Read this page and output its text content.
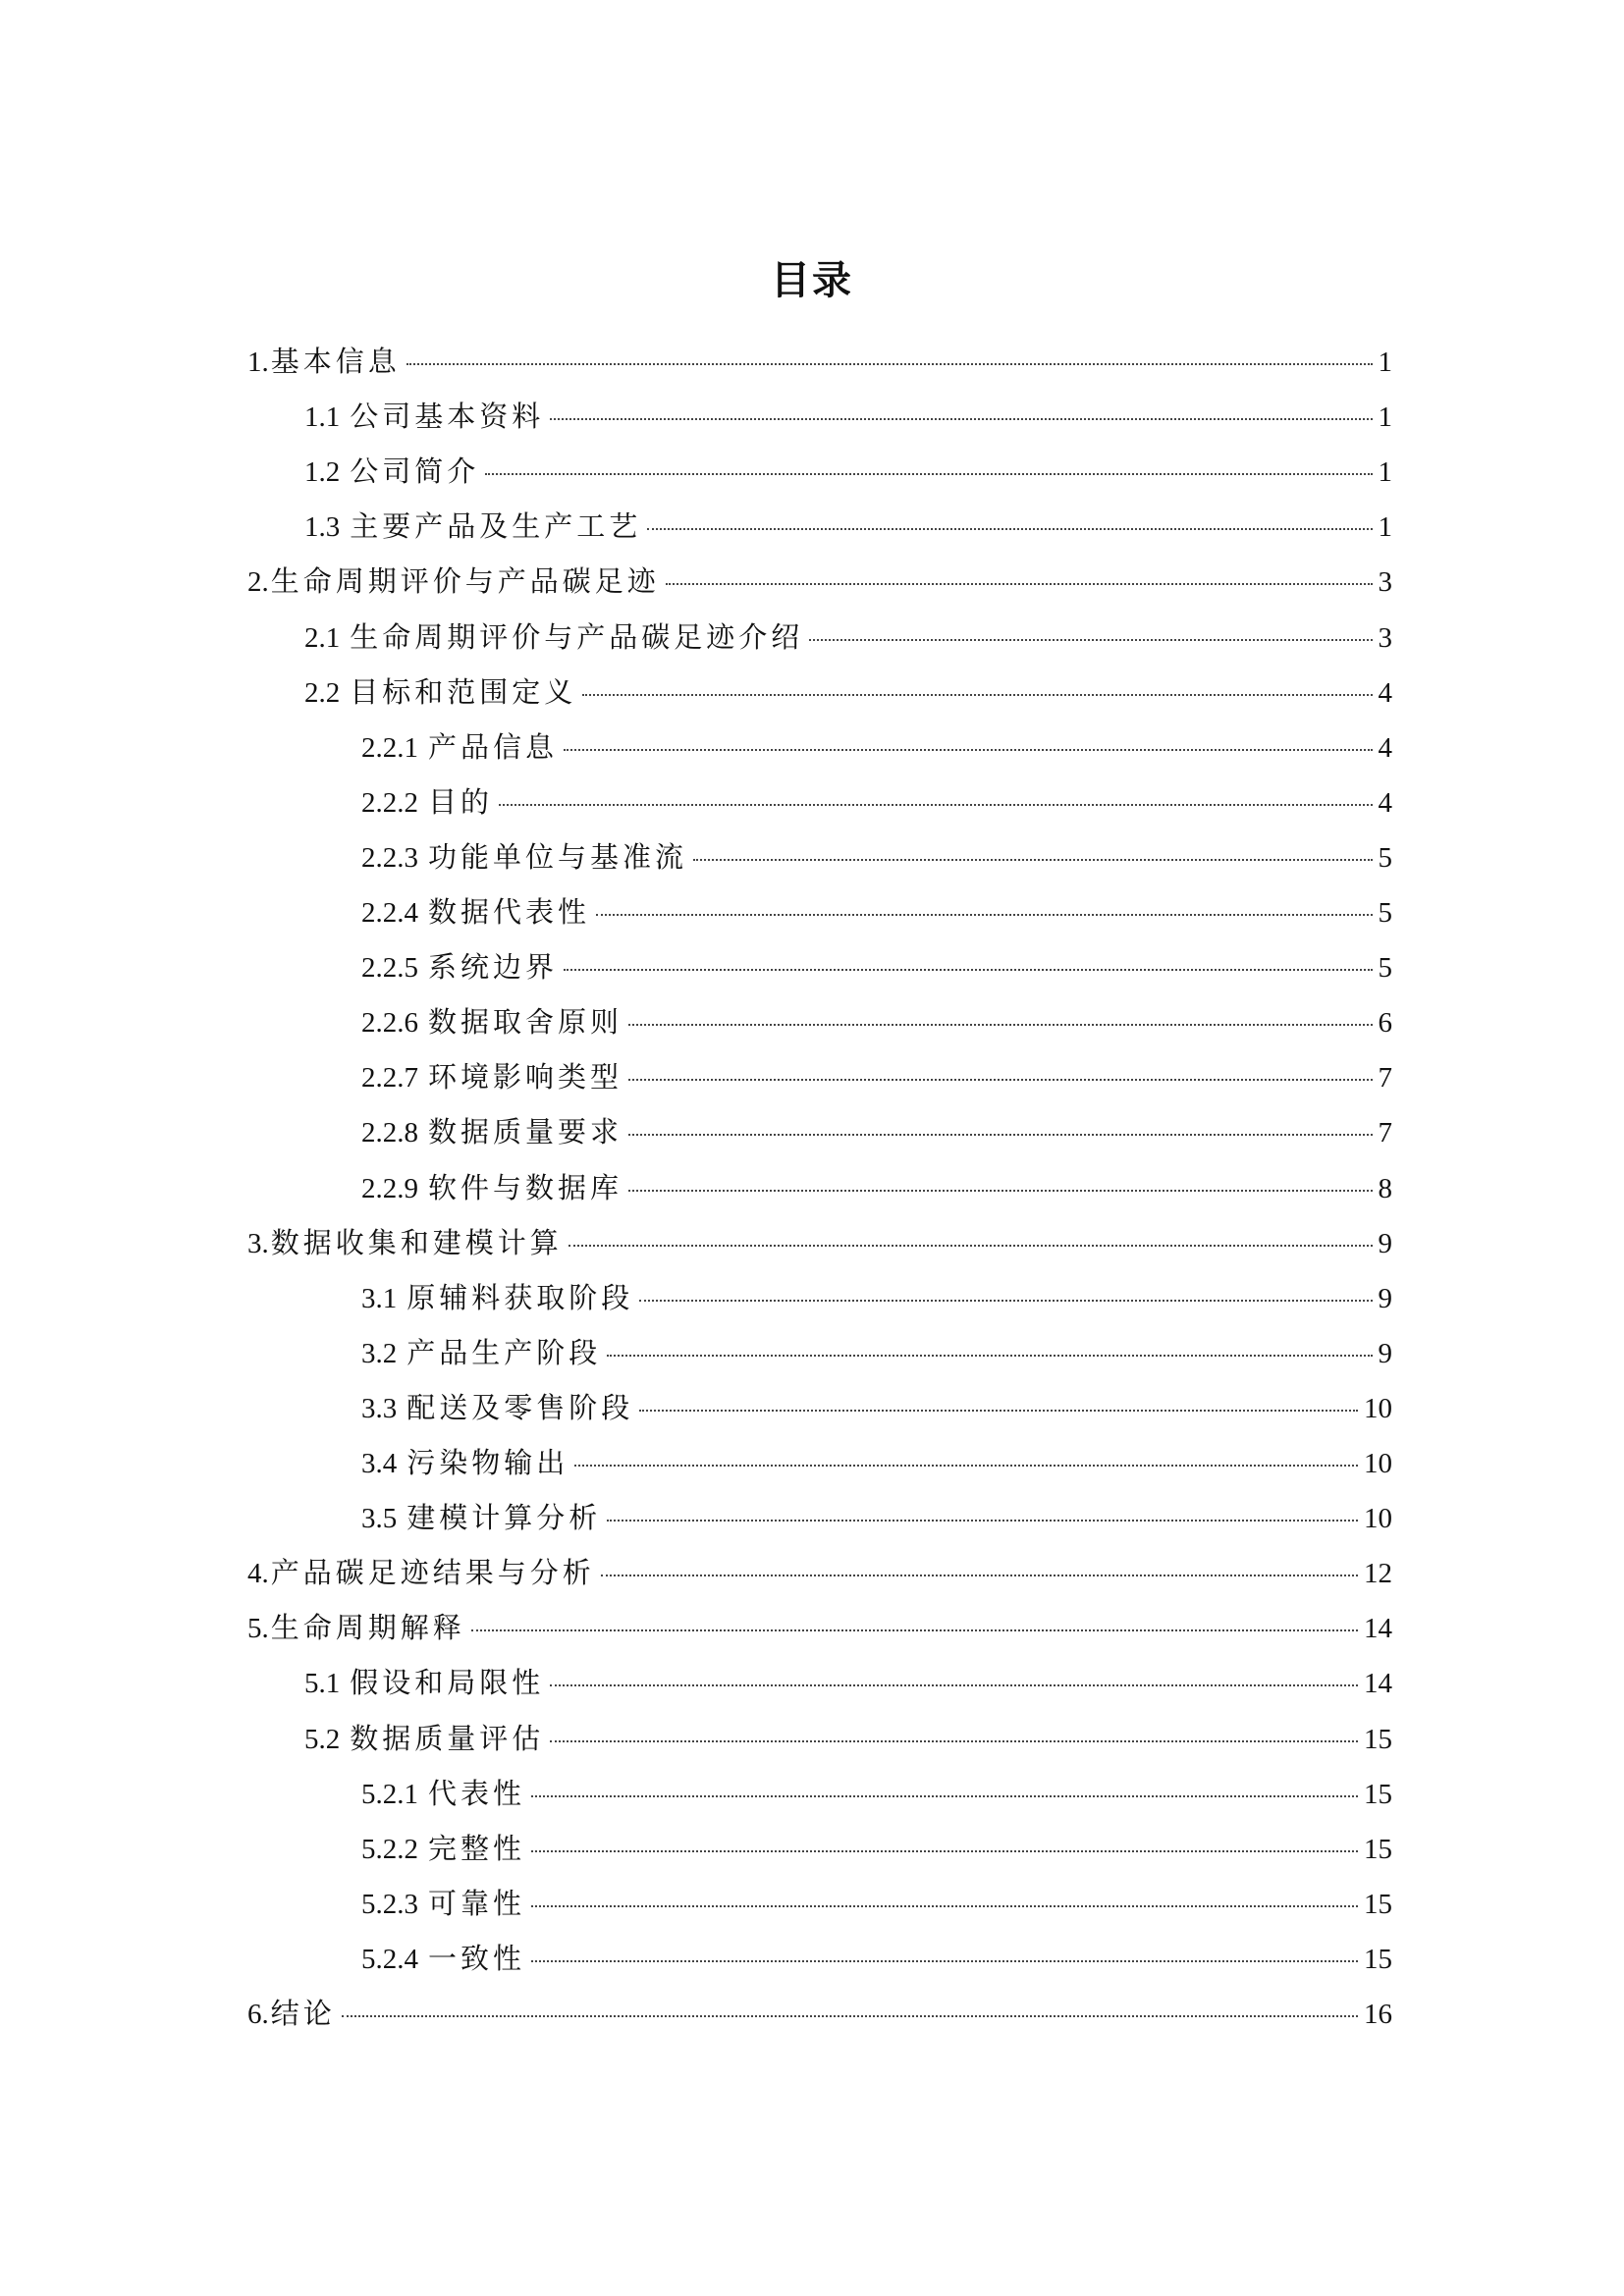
目录
1. 基本信息	1
1.1 公司基本资料	1
1.2 公司简介	1
1.3 主要产品及生产工艺	1
2. 生命周期评价与产品碳足迹	3
2.1 生命周期评价与产品碳足迹介绍	3
2.2 目标和范围定义	4
2.2.1 产品信息	4
2.2.2 目的	4
2.2.3 功能单位与基准流	5
2.2.4 数据代表性	5
2.2.5 系统边界	5
2.2.6 数据取舍原则	6
2.2.7 环境影响类型	7
2.2.8 数据质量要求	7
2.2.9 软件与数据库	8
3. 数据收集和建模计算	9
3.1 原辅料获取阶段	9
3.2 产品生产阶段	9
3.3 配送及零售阶段	10
3.4 污染物输出	10
3.5 建模计算分析	10
4. 产品碳足迹结果与分析	12
5. 生命周期解释	14
5.1 假设和局限性	14
5.2 数据质量评估	15
5.2.1 代表性	15
5.2.2 完整性	15
5.2.3 可靠性	15
5.2.4 一致性	15
6. 结论	16
